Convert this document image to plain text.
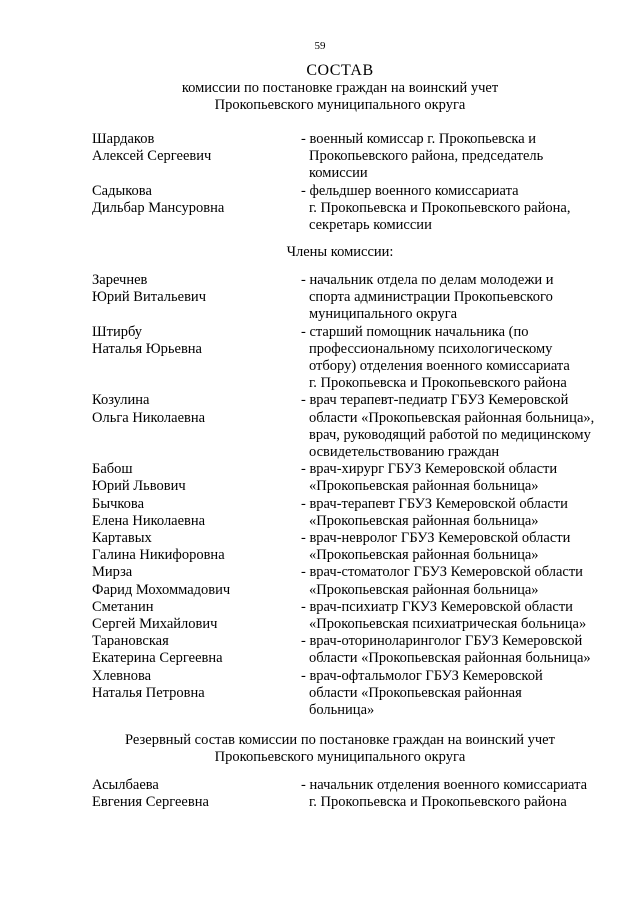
59
СОСТАВ
комиссии по постановке граждан на воинский учет
Прокопьевского муниципального округа
Шардаков
Алексей Сергеевич
- военный комиссар г. Прокопьевска и
Прокопьевского района, председатель
комиссии
Садыкова
Дильбар Мансуровна
- фельдшер военного комиссариата
г. Прокопьевска и Прокопьевского района,
секретарь комиссии
Члены комиссии:
Заречнев
Юрий Витальевич
- начальник отдела по делам молодежи и
спорта администрации Прокопьевского
муниципального округа
Штирбу
Наталья Юрьевна
- старший помощник начальника (по
профессиональному психологическому
отбору) отделения военного комиссариата
г. Прокопьевска и Прокопьевского района
Козулина
Ольга Николаевна
- врач терапевт-педиатр ГБУЗ Кемеровской
области «Прокопьевская районная больница»,
врач, руководящий работой по медицинскому
освидетельствованию граждан
Бабош
Юрий Львович
- врач-хирург ГБУЗ Кемеровской области
«Прокопьевская районная больница»
Бычкова
Елена Николаевна
- врач-терапевт ГБУЗ Кемеровской области
«Прокопьевская районная больница»
Картавых
Галина Никифоровна
- врач-невролог ГБУЗ Кемеровской области
«Прокопьевская районная больница»
Мирза
Фарид Мохоммадович
- врач-стоматолог ГБУЗ Кемеровской области
«Прокопьевская районная больница»
Сметанин
Сергей Михайлович
- врач-психиатр ГКУЗ Кемеровской области
«Прокопьевская психиатрическая больница»
Тарановская
Екатерина Сергеевна
- врач-оториноларинголог ГБУЗ Кемеровской
области «Прокопьевская районная больница»
Хлевнова
Наталья Петровна
- врач-офтальмолог ГБУЗ Кемеровской
области «Прокопьевская районная
больница»
Резервный состав комиссии по постановке граждан на воинский учет
Прокопьевского муниципального округа
Асылбаева
Евгения Сергеевна
- начальник отделения военного комиссариата
г. Прокопьевска и Прокопьевского района
